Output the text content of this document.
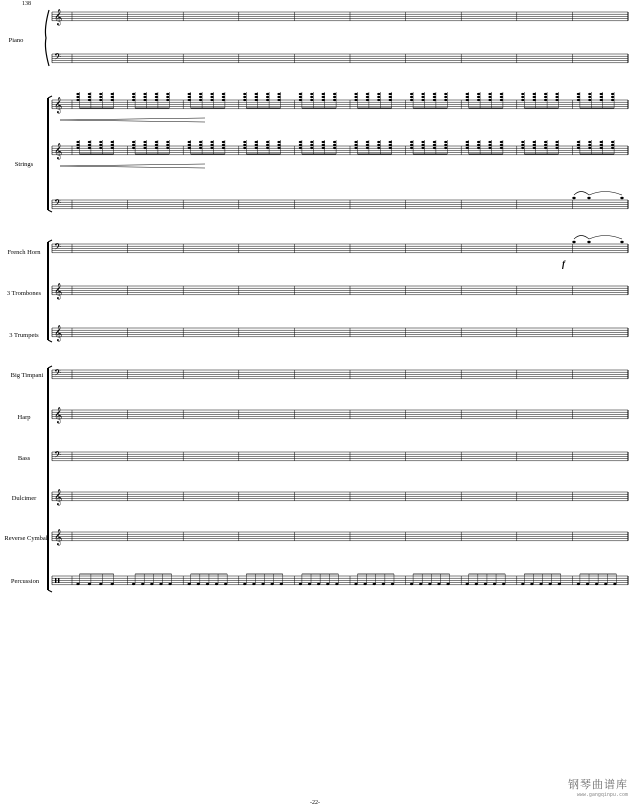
𝄞
𝄢
𝄞
𝄞
𝄢
𝄢
𝄞
𝄞
𝄢
𝄞
𝄢
𝄞
𝄞
138
Piano
Strings
French Horn
3 Trombones
3 Trumpets
Big Timpani
Harp
Bass
Dulcimer
Reverse Cymbal
Percussion
f
-22-
钢琴曲谱库
www.gangqinpu.com
